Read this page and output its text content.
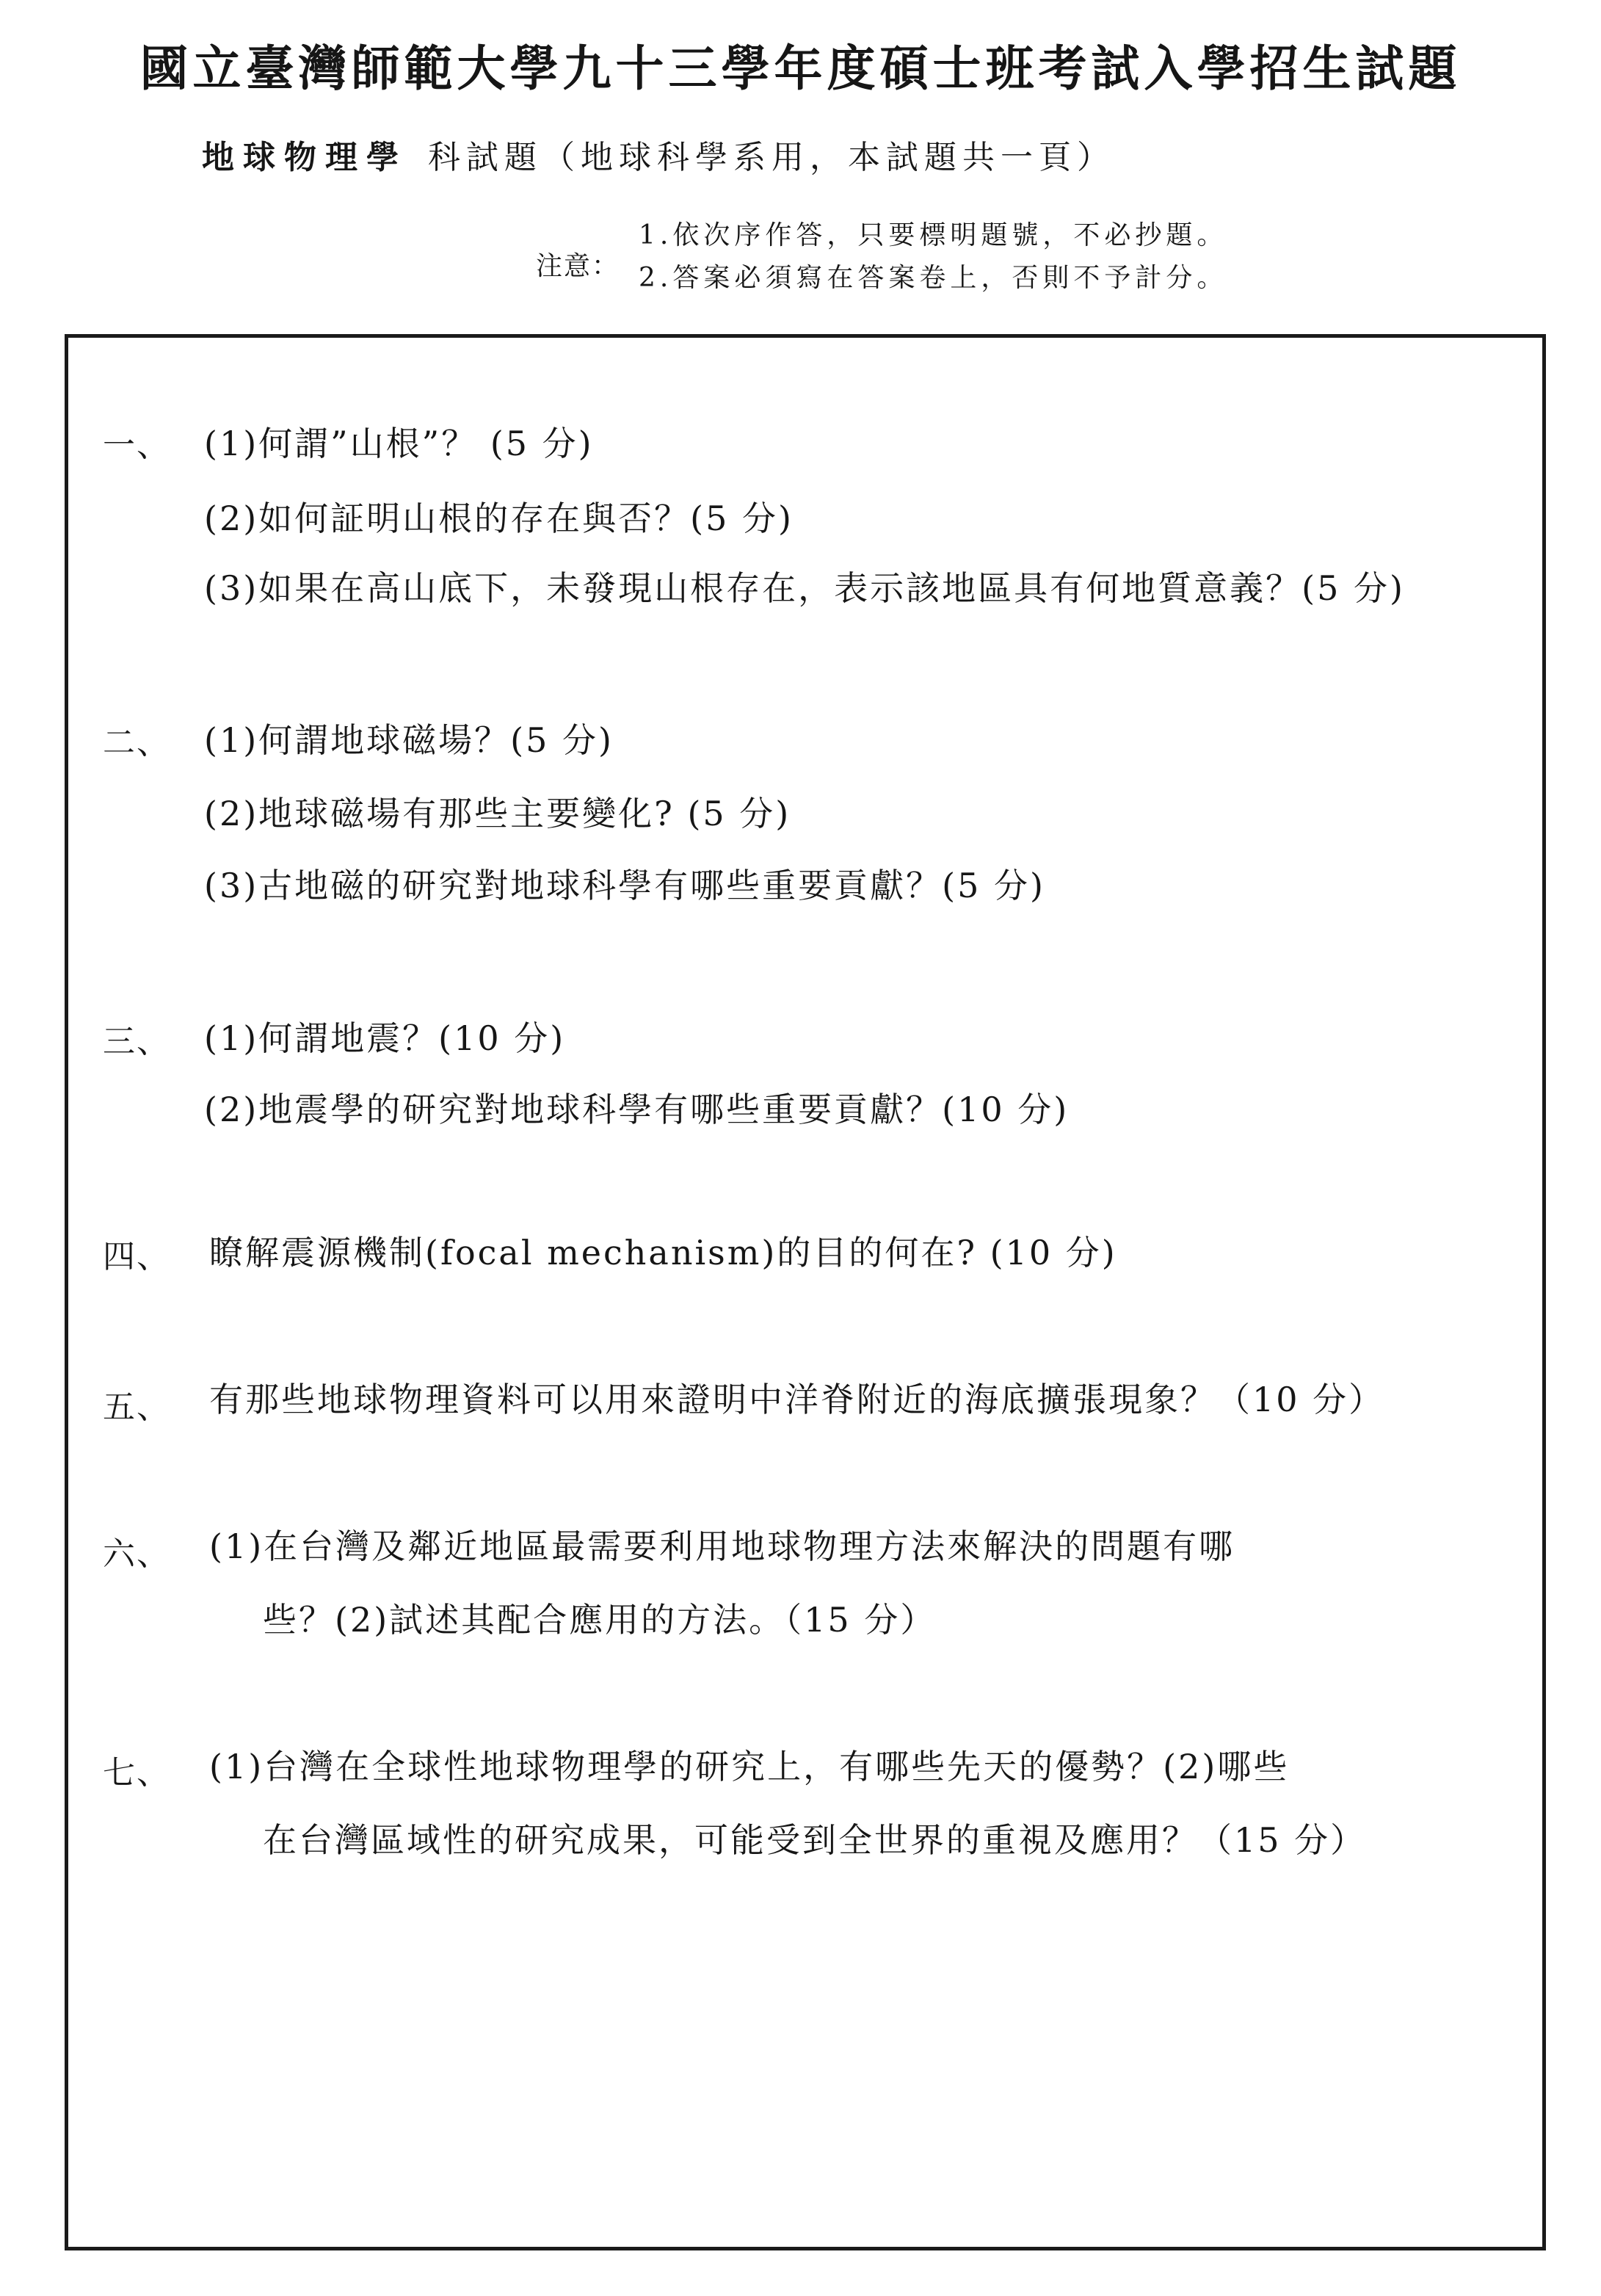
國立臺灣師範大學九十三學年度碩士班考試入學招生試題
地球物理學 科試題（地球科學系用，本試題共一頁）
注意：
1.依次序作答，只要標明題號，不必抄題。
2.答案必須寫在答案卷上，否則不予計分。
一、 (1)何謂”山根”？ (5 分)
(2)如何証明山根的存在與否？(5 分)
(3)如果在高山底下，未發現山根存在，表示該地區具有何地質意義？(5 分)
二、 (1)何謂地球磁場？(5 分)
(2)地球磁場有那些主要變化? (5 分)
(3)古地磁的研究對地球科學有哪些重要貢獻？(5 分)
三、 (1)何謂地震？(10 分)
(2)地震學的研究對地球科學有哪些重要貢獻？(10 分)
四、 瞭解震源機制(focal mechanism)的目的何在? (10 分)
五、 有那些地球物理資料可以用來證明中洋脊附近的海底擴張現象？（10 分）
六、 (1)在台灣及鄰近地區最需要利用地球物理方法來解決的問題有哪
些？(2)試述其配合應用的方法。（15 分）
七、 (1)台灣在全球性地球物理學的研究上，有哪些先天的優勢？(2)哪些
在台灣區域性的研究成果，可能受到全世界的重視及應用？（15 分）
